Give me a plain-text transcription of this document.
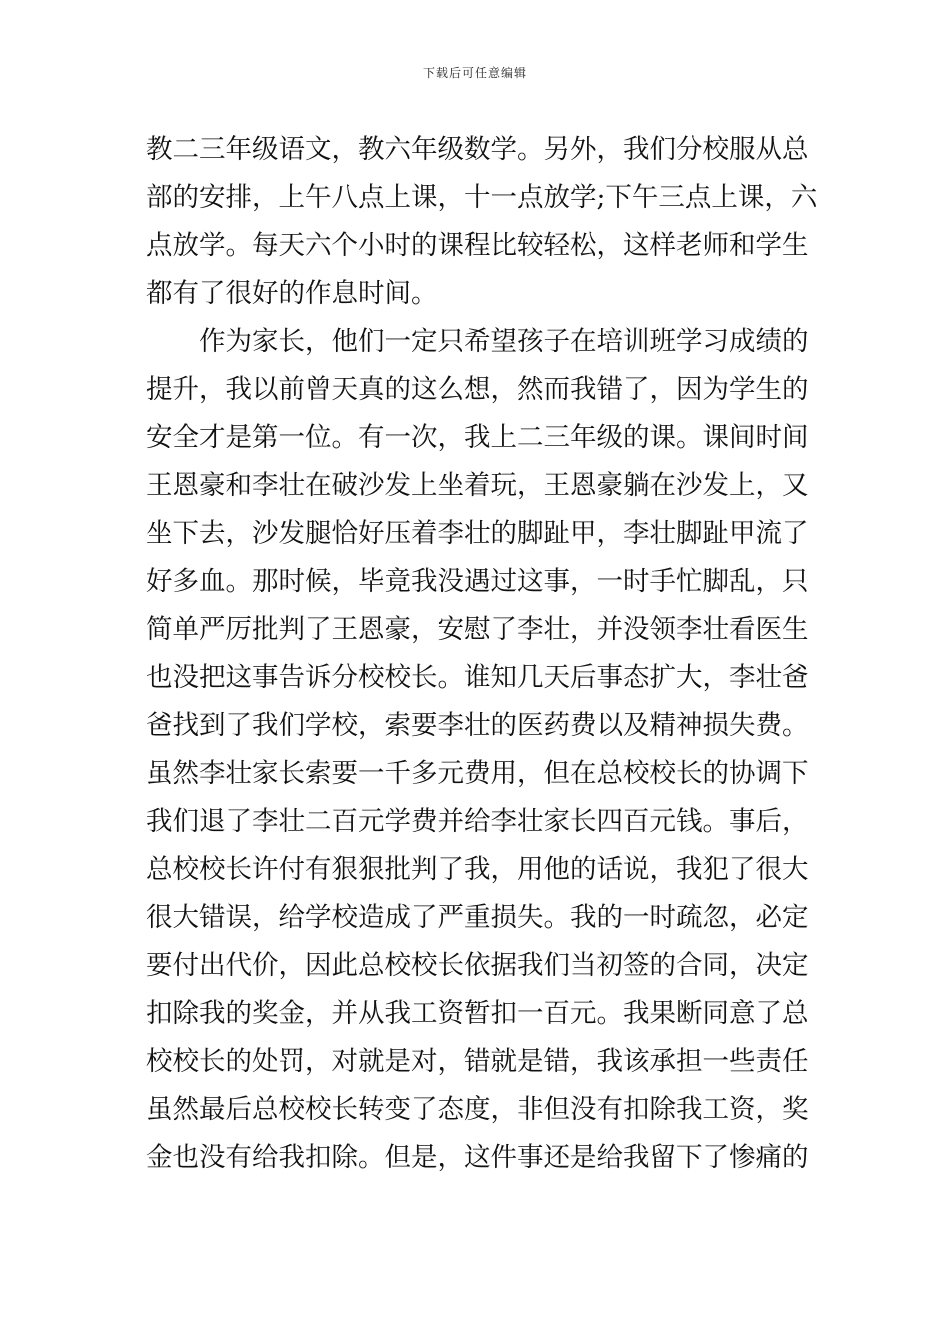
下载后可任意编辑
教二三年级语文，教六年级数学。另外，我们分校服从总
部的安排，上午八点上课，十一点放学;下午三点上课，六
点放学。每天六个小时的课程比较轻松，这样老师和学生
都有了很好的作息时间。
作为家长，他们一定只希望孩子在培训班学习成绩的
提升，我以前曾天真的这么想，然而我错了，因为学生的
安全才是第一位。有一次，我上二三年级的课。课间时间
王恩豪和李壮在破沙发上坐着玩，王恩豪躺在沙发上，又
坐下去，沙发腿恰好压着李壮的脚趾甲，李壮脚趾甲流了
好多血。那时候，毕竟我没遇过这事，一时手忙脚乱，只
简单严厉批判了王恩豪，安慰了李壮，并没领李壮看医生
也没把这事告诉分校校长。谁知几天后事态扩大，李壮爸
爸找到了我们学校，索要李壮的医药费以及精神损失费。
虽然李壮家长索要一千多元费用，但在总校校长的协调下
我们退了李壮二百元学费并给李壮家长四百元钱。事后，
总校校长许付有狠狠批判了我，用他的话说，我犯了很大
很大错误，给学校造成了严重损失。我的一时疏忽，必定
要付出代价，因此总校校长依据我们当初签的合同，决定
扣除我的奖金，并从我工资暂扣一百元。我果断同意了总
校校长的处罚，对就是对，错就是错，我该承担一些责任
虽然最后总校校长转变了态度，非但没有扣除我工资，奖
金也没有给我扣除。但是，这件事还是给我留下了惨痛的
